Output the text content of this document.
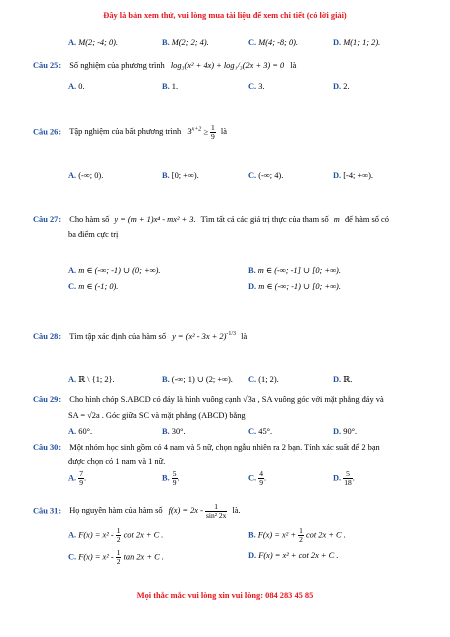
Đây là bản xem thử, vui lòng mua tài liệu để xem chi tiết (có lời giải)
A. M(2; -4; 0).	B. M(2; 2; 4).	C. M(4; -8; 0).	D. M(1; 1; 2).
Câu 25: Số nghiệm của phương trình log₃(x² + 4x) + log₁/₃(2x + 3) = 0 là
A. 0.	B. 1.	C. 3.	D. 2.
Câu 26: Tập nghiệm của bất phương trình $3^{x+2} \ge \frac{1}{9}$ là
A. (-∞; 0).	B. [0; +∞).	C. (-∞; 4).	D. [-4; +∞).
Câu 27: Cho hàm số y = (m + 1)x⁴ - mx² + 3. Tìm tất cả các giá trị thực của tham số m để hàm số có
ba điểm cực trị
A. m ∈ (-∞; -1) ∪ (0; +∞).	B. m ∈ (-∞; -1] ∪ [0; +∞).
C. m ∈ (-1; 0).	D. m ∈ (-∞; -1) ∪ [0; +∞).
Câu 28: Tìm tập xác định của hàm số $y = (x^2 - 3x + 2)^{-1/3}$ là
A. ℝ \ {1; 2}.	B. (-∞; 1) ∪ (2; +∞). C. (1; 2).	D. ℝ.
Câu 29: Cho hình chóp S.ABCD có đáy là hình vuông cạnh √3a , SA vuông góc với mặt phẳng đáy và
SA = √2a . Góc giữa SC và mặt phẳng (ABCD) bằng
A. 60°.	B. 30°.	C. 45°.	D. 90°.
Câu 30: Một nhóm học sinh gồm có 4 nam và 5 nữ, chọn ngẫu nhiên ra 2 bạn. Tính xác suất để 2 bạn
được chọn có 1 nam và 1 nữ.
A. $\frac{7}{9}$ .	B. $\frac{5}{9}$ .	C. $\frac{4}{9}$ .	D. $\frac{5}{18}$ .
Câu 31: Họ nguyên hàm của hàm số $f(x) = 2x - \frac{1}{\text{sin² 2x}}$ là.
A. $F(x) = x^2 - \frac{1}{2}$ cot 2x + C .	B. $F(x) = x^2 + \frac{1}{2}$ cot 2x + C .
C. $F(x) = x^2 - \frac{1}{2}$ tan 2x + C .	D. F(x) = x² + cot 2x + C .
Mọi thắc mắc vui lòng xin vui lòng: 084 283 45 85
